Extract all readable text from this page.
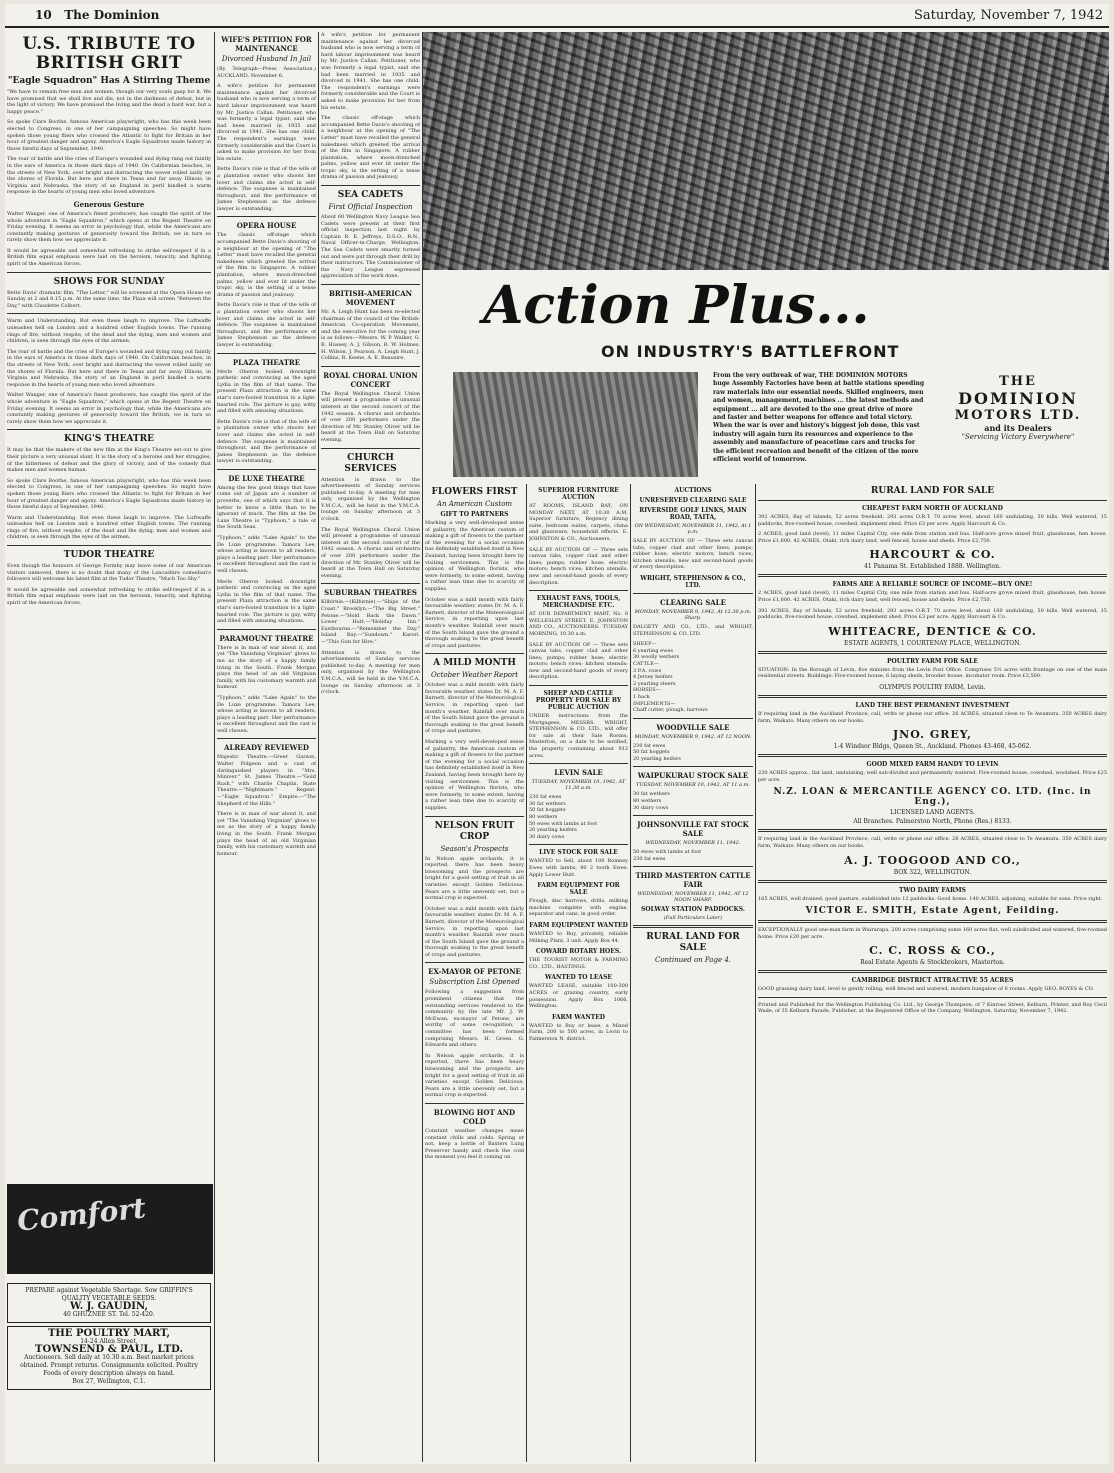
10 The Dominion	Saturday, November 7, 1942
U.S. TRIBUTE TO BRITISH GRIT
"Eagle Squadron" Has A Stirring Theme

"We have to remain free men and women, though our very souls gasp for it. We have promised that we shall live and die, not in the darkness of defeat, but in the light of victory. We have promised the living and the dead a hard war, but a happy peace."

So spoke Clare Boothe, famous American playwright, who has this week been elected to Congress, in one of her campaigning speeches. So might have spoken those young fliers who crossed the Atlantic to fight for Britain in her hour of greatest danger and agony. America's Eagle Squadrons made history in those fateful days of September, 1940.

The roar of battle and the cries of Europe's wounded and dying rang out faintly in the ears of America in those dark days of 1940. On Californian beaches, in the streets of New York, over bright and distracting the waves rolled lazily on the shores of Florida. But here and there in Texas and far away Illinois, in Virginia and Nebraska, the story of an England in peril kindled a warm response in the hearts of young men who loved adventure.

Generous Gesture

Walter Wanger, one of America's finest producers, has caught the spirit of the whole adventure in "Eagle Squadron," which opens at the Regent Theatre on Friday evening. It seems an error in psychology that, while the Americans are constantly making gestures of generosity toward the British, we in turn so rarely show them how we appreciate it.

It would be agreeable and somewhat refreshing to strike self-respect if in a British film equal emphasis were laid on the heroism, tenacity, and fighting spirit of the American forces.

SHOWS FOR SUNDAY

Bette Davis' dramatic film, "The Letter," will be screened at the Opera House on Sunday at 2 and 8.15 p.m. At the same time, the Plaza will screen "Between the Day," with Claudette Colbert.

Warm and Understanding. But even these laugh to improve. The Luftwaffe unleashes hell on London and a hundred other English towns. The running rings of fire, without respite, of the dead and the dying, men and women and children, is seen through the eyes of the airmen.

The roar of battle and the cries of Europe's wounded and dying rang out faintly in the ears of America in those dark days of 1940. On Californian beaches, in the streets of New York, over bright and distracting the waves rolled lazily on the shores of Florida. But here and there in Texas and far away Illinois, in Virginia and Nebraska, the story of an England in peril kindled a warm response in the hearts of young men who loved adventure.

Walter Wanger, one of America's finest producers, has caught the spirit of the whole adventure in "Eagle Squadron," which opens at the Regent Theatre on Friday evening. It seems an error in psychology that, while the Americans are constantly making gestures of generosity toward the British, we in turn so rarely show them how we appreciate it.

KING'S THEATRE

It may be that the makers of the new film at the King's Theatre set out to give their picture a very unusual slant. It is the story of a heroine and her struggles, of the bitterness of defeat and the glory of victory, and of the comedy that makes men and women human.

So spoke Clare Boothe, famous American playwright, who has this week been elected to Congress, in one of her campaigning speeches. So might have spoken those young fliers who crossed the Atlantic to fight for Britain in her hour of greatest danger and agony. America's Eagle Squadrons made history in those fateful days of September, 1940.

Warm and Understanding. But even these laugh to improve. The Luftwaffe unleashes hell on London and a hundred other English towns. The running rings of fire, without respite, of the dead and the dying, men and women and children, is seen through the eyes of the airmen.

TUDOR THEATRE

Even though the honours of George Formby may leave some of our American visitors unmoved, there is no doubt that many of the Lancashire comedian's followers will welcome his latest film at the Tudor Theatre, "Much Too Shy."

It would be agreeable and somewhat refreshing to strike self-respect if in a British film equal emphasis were laid on the heroism, tenacity, and fighting spirit of the American forces.

Comfort
PREPARE against Vegetable Shortage. Sow GRIFFIN'S QUALITY VEGETABLE SEEDS.
W. J. GAUDIN,
40 GHUZNEE ST. Tel. 52-420.
THE POULTRY MART,
14-24 Allen Street,
TOWNSEND & PAUL, LTD.
Auctioneers. Sell daily at 10.30 a.m. Best market prices obtained. Prompt returns. Consignments solicited. Poultry Foods of every description always on hand.
Box 27, Wellington, C.1.
WIFE'S PETITION FOR MAINTENANCE
Divorced Husband In Jail

(By Telegraph—Press Association.) AUCKLAND, November 6.

A wife's petition for permanent maintenance against her divorced husband who is now serving a term of hard labour imprisonment was heard by Mr. Justice Callan. Petitioner, who was formerly a legal typist, said she had been married in 1935 and divorced in 1941. She has one child. The respondent's earnings were formerly considerable and the Court is asked to make provision for her from his estate.

Bette Davis's role is that of the wife of a plantation owner who shoots her lover and claims she acted in self-defence. The suspense is maintained throughout, and the performance of James Stephenson as the defence lawyer is outstanding.

OPERA HOUSE

The classic off-stage which accompanied Bette Davis's shooting of a neighbour at the opening of "The Letter" must have recalled the general nakedness which greeted the arrival of the film in Singapore. A rubber plantation, where moon-drenched palms, yellow and ever lit under the tropic sky, is the setting of a tense drama of passion and jealousy.

Bette Davis's role is that of the wife of a plantation owner who shoots her lover and claims she acted in self-defence. The suspense is maintained throughout, and the performance of James Stephenson as the defence lawyer is outstanding.

PLAZA THEATRE

Merle Oberon looked downright pathetic and convincing as the aged Lydia in the film of that name. The present Plaza attraction is the same star's sure-footed transition to a light-hearted role. The picture is gay, witty and filled with amusing situations.

Bette Davis's role is that of the wife of a plantation owner who shoots her lover and claims she acted in self-defence. The suspense is maintained throughout, and the performance of James Stephenson as the defence lawyer is outstanding.

DE LUXE THEATRE

Among the few good things that have come out of Japan are a number of proverbs, one of which says that it is better to know a little than to be ignorant of much. The film at the De Luxe Theatre is "Typhoon," a tale of the South Seas.

"Typhoon," adds "Lake Again" to the De Luxe programme. Tamora Lee, whose acting is known to all readers, plays a leading part. Her performance is excellent throughout and the cast is well chosen.

Merle Oberon looked downright pathetic and convincing as the aged Lydia in the film of that name. The present Plaza attraction is the same star's sure-footed transition to a light-hearted role. The picture is gay, witty and filled with amusing situations.

PARAMOUNT THEATRE

There is in man of war about it, and yet "The Vanishing Virginian" glows to me as the story of a happy family living in the South. Frank Morgan plays the head of an old Virginian family, with his customary warmth and humour.

"Typhoon," adds "Lake Again" to the De Luxe programme. Tamora Lee, whose acting is known to all readers, plays a leading part. Her performance is excellent throughout and the cast is well chosen.

ALREADY REVIEWED

Majestic Theatre.—Greer Garson, Walter Pidgeon and a cast of distinguished players in "Mrs. Miniver." St. James Theatre.—"Gold Rush," with Charlie Chaplin. State Theatre.—"Nightmare." Regent.—"Eagle Squadron." Empire.—"The Shepherd of the Hills."

There is in man of war about it, and yet "The Vanishing Virginian" glows to me as the story of a happy family living in the South. Frank Morgan plays the head of an old Virginian family, with his customary warmth and humour.

A wife's petition for permanent maintenance against her divorced husband who is now serving a term of hard labour imprisonment was heard by Mr. Justice Callan. Petitioner, who was formerly a legal typist, said she had been married in 1935 and divorced in 1941. She has one child. The respondent's earnings were formerly considerable and the Court is asked to make provision for her from his estate.

The classic off-stage which accompanied Bette Davis's shooting of a neighbour at the opening of "The Letter" must have recalled the general nakedness which greeted the arrival of the film in Singapore. A rubber plantation, where moon-drenched palms, yellow and ever lit under the tropic sky, is the setting of a tense drama of passion and jealousy.

SEA CADETS
First Official Inspection

About 60 Wellington Navy League Sea Cadets were present at their first official inspection last night by Captain R. E. Jeffreys, D.S.O., R.N., Naval Officer-in-Charge, Wellington. The Sea Cadets were smartly turned out and were put through their drill by their instructors. The Commissioner of the Navy League expressed appreciation of the work done.

BRITISH-AMERICAN MOVEMENT

Mr. A. Leigh Hunt has been re-elected chairman of the council of the British-American Co-operation Movement, and the executive for the coming year is as follows:—Messrs. W. P. Walker, G. B. Hussey, A. J. Gibson, R. W. Holmes, H. Wilson, J. Pearson, A. Leigh Hunt, J. Collins, R. Keene, A. E. Beausire.

ROYAL CHORAL UNION CONCERT

The Royal Wellington Choral Union will present a programme of unusual interest at the second concert of the 1942 season. A chorus and orchestra of over 200 performers under the direction of Mr. Stanley Oliver will be heard at the Town Hall on Saturday evening.

CHURCH SERVICES

Attention is drawn to the advertisements of Sunday services published to-day. A meeting for men only, organised by the Wellington Y.M.C.A., will be held in the Y.M.C.A. lounge on Sunday afternoon at 3 o'clock.

The Royal Wellington Choral Union will present a programme of unusual interest at the second concert of the 1942 season. A chorus and orchestra of over 200 performers under the direction of Mr. Stanley Oliver will be heard at the Town Hall on Saturday evening.

SUBURBAN THEATRES

Kilbirnie.—(Kilbirnie).—"Ships of the Coast." Brooklyn.—"The Big Street." Petone.—"Hold Back the Dawn." Lower Hutt.—"Holiday Inn." Eastbourne.—"Remember the Day." Island Bay.—"Sundown." Karori.—"This Gun for Hire."

Attention is drawn to the advertisements of Sunday services published to-day. A meeting for men only, organised by the Wellington Y.M.C.A., will be held in the Y.M.C.A. lounge on Sunday afternoon at 3 o'clock.

Action Plus...
ON INDUSTRY'S BATTLEFRONT
From the very outbreak of war, THE DOMINION MOTORS huge Assembly Factories have been at battle stations speeding raw materials into our essential needs. Skilled engineers, men and women, management, machines ... the latest methods and equipment ... all are devoted to the one great drive of more and faster and better weapons for offence and total victory. When the war is over and history's biggest job done, this vast industry will again turn its resources and experience to the assembly and manufacture of peacetime cars and trucks for the efficient recreation and benefit of the citizen of the more efficient world of tomorrow.
THE
DOMINION
MOTORS LTD.
and its Dealers
"Servicing Victory Everywhere"
FLOWERS FIRST
An American Custom
GIFT TO PARTNERS

Marking a very well-developed sense of gallantry, the American custom of making a gift of flowers to the partner of the evening for a social occasion has definitely established itself in New Zealand, having been brought here by visiting servicemen. This is the opinion of Wellington florists, who were formerly, to some extent, having a rather lean time due to scarcity of supplies.

October was a mild month with fairly favourable weather, states Dr. M. A. F. Barnett, director of the Meteorological Service, in reporting upon last month's weather. Rainfall over much of the South Island gave the ground a thorough soaking to the great benefit of crops and pastures.

A MILD MONTH
October Weather Report

October was a mild month with fairly favourable weather, states Dr. M. A. F. Barnett, director of the Meteorological Service, in reporting upon last month's weather. Rainfall over much of the South Island gave the ground a thorough soaking to the great benefit of crops and pastures.

Marking a very well-developed sense of gallantry, the American custom of making a gift of flowers to the partner of the evening for a social occasion has definitely established itself in New Zealand, having been brought here by visiting servicemen. This is the opinion of Wellington florists, who were formerly, to some extent, having a rather lean time due to scarcity of supplies.

NELSON FRUIT CROP
Season's Prospects

In Nelson apple orchards, it is reported, there has been heavy blossoming and the prospects are bright for a good setting of fruit in all varieties except Golden Delicious. Pears are a little unevenly set, but a normal crop is expected.

October was a mild month with fairly favourable weather, states Dr. M. A. F. Barnett, director of the Meteorological Service, in reporting upon last month's weather. Rainfall over much of the South Island gave the ground a thorough soaking to the great benefit of crops and pastures.

EX-MAYOR OF PETONE
Subscription List Opened

Following a suggestion from prominent citizens that the outstanding services rendered to the community by the late Mr. J. W. McEwan, ex-mayor of Petone, are worthy of some recognition, a committee has been formed comprising Messrs. H. Green, G. Edwards and others.

In Nelson apple orchards, it is reported, there has been heavy blossoming and the prospects are bright for a good setting of fruit in all varieties except Golden Delicious. Pears are a little unevenly set, but a normal crop is expected.

BLOWING HOT AND COLD

Constant weather changes mean constant chills and colds. Spring or not, keep a bottle of Baxters Lung Preserver handy and check the cold the moment you feel it coming on.

SUPERIOR FURNITURE AUCTION

AT ROOMS, ISLAND BAY, ON MONDAY NEXT, AT 10.30 A.M. Superior furniture, Regency dining suite, bedroom suites, carpets, china and glassware, household effects. E. JOHNSTON & CO., Auctioneers.

SALE BY AUCTION OF — Three sets canvas tabs, copper clad and other lines; pumps; rubber hose; electric motors; bench vices; kitchen utensils; new and second-hand goods of every description.

EXHAUST FANS, TOOLS, MERCHANDISE ETC.

AT OUR DEPARTMENT MART, No. 8 WELLESLEY STREET. E. JOHNSTON AND CO., AUCTIONEERS. TUESDAY MORNING, 10.30 a.m.

SALE BY AUCTION OF — Three sets canvas tabs, copper clad and other lines; pumps; rubber hose; electric motors; bench vices; kitchen utensils; new and second-hand goods of every description.

SHEEP AND CATTLE PROPERTY FOR SALE BY PUBLIC AUCTION

UNDER instructions from the Mortgagees, MESSRS. WRIGHT, STEPHENSON & CO. LTD., will offer for sale at their Sale Rooms, Masterton, on a date to be notified, the property containing about 912 acres.

LEVIN SALE
TUESDAY, NOVEMBER 10, 1942, AT 11.30 a.m.
230 fat ewes
30 fat wethers
50 fat hoggets
80 wethers
50 ewes with lambs at foot
20 yearling heifers
30 dairy cows
LIVE STOCK FOR SALE

WANTED to Sell, about 100 Romney Ewes with lambs, 80 2 tooth Ewes. Apply Lower Hutt.

FARM EQUIPMENT FOR SALE

Plough, disc harrows, drills, milking machine complete with engine, separator and cans, in good order.

FARM EQUIPMENT WANTED

WANTED to Buy, privately, reliable Milking Plant, 3 unit. Apply Box 44.

COWARD ROTARY HOES.

THE TOURIST MOTOR & FARMING CO., LTD., HASTINGS.

WANTED TO LEASE

WANTED LEASE, suitable 100-300 ACRES or grazing country, early possession. Apply Box 1066, Wellington.

FARM WANTED

WANTED to Buy or lease, a Mixed Farm, 200 to 500 acres, in Levin to Palmerston N. district.

AUCTIONS
UNRESERVED CLEARING SALE
RIVERSIDE GOLF LINKS, MAIN ROAD, TAITA,
ON WEDNESDAY, NOVEMBER 11, 1942, At 1 p.m.

SALE BY AUCTION OF — Three sets canvas tabs, copper clad and other lines; pumps; rubber hose; electric motors; bench vices; kitchen utensils; new and second-hand goods of every description.

WRIGHT, STEPHENSON & CO., LTD.
CLEARING SALE
MONDAY, NOVEMBER 9, 1942, At 12.30 p.m. Sharp.

DALGETY AND CO., LTD., and WRIGHT, STEPHENSON & CO. LTD.

SHEEP—
6 yearling ewes
30 woolly wethers
CATTLE—
3 P.A. cows
4 Jersey heifers
2 yearling steers
HORSES—
1 hack
IMPLEMENTS—
Chaff cutter, plough, harrows
WOODVILLE SALE
MONDAY, NOVEMBER 9, 1942, AT 12 NOON.
230 fat ewes
50 fat hoggets
20 yearling heifers
WAIPUKURAU STOCK SALE
TUESDAY, NOVEMBER 10, 1942, AT 11 a.m.
30 fat wethers
80 wethers
30 dairy cows
JOHNSONVILLE FAT STOCK SALE
WEDNESDAY, NOVEMBER 11, 1942.
50 ewes with lambs at foot
230 fat ewes
THIRD MASTERTON CATTLE FAIR
WEDNESDAY, NOVEMBER 11, 1942, AT 12 NOON SHARP.
SOLWAY STATION PADDOCKS.
(Full Particulars Later)
RURAL LAND FOR SALE
Continued on Page 4.
RURAL LAND FOR SALE
CHEAPEST FARM NORTH OF AUCKLAND

392 ACRES, Bay of Islands, 52 acres freehold, 293 acres O.R.T. 70 acres level, about 160 undulating, 50 hills. Well watered, 15 paddocks, five-roomed house, cowshed, implement shed. Price £3 per acre. Apply Harcourt & Co.

2 ACRES, good land (level), 11 miles Capital City, one mile from station and bus. Half-acre grove mixed fruit, glasshouse, hen house. Price £1,600. 42 ACRES, Otaki, rich dairy land, well fenced, house and sheds. Price £2,750.

HARCOURT & CO.
41 Panama St. Established 1888. Wellington.
FARMS ARE A RELIABLE SOURCE OF INCOME—BUY ONE!

2 ACRES, good land (level), 11 miles Capital City, one mile from station and bus. Half-acre grove mixed fruit, glasshouse, hen house. Price £1,600. 42 ACRES, Otaki, rich dairy land, well fenced, house and sheds. Price £2,750.

392 ACRES, Bay of Islands, 52 acres freehold, 293 acres O.R.T. 70 acres level, about 160 undulating, 50 hills. Well watered, 15 paddocks, five-roomed house, cowshed, implement shed. Price £3 per acre. Apply Harcourt & Co.

WHITEACRE, DENTICE & CO.
ESTATE AGENTS, 1 COURTENAY PLACE, WELLINGTON.
POULTRY FARM FOR SALE

SITUATION: In the Borough of Levin, five minutes from the Levin Post Office. Comprises 5½ acres with frontage on one of the main residential streets. Buildings: Five-roomed house, 6 laying sheds, brooder house, incubator room. Price £3,500.

OLYMPUS POULTRY FARM, Levin.
LAND THE BEST PERMANENT INVESTMENT

If requiring land in the Auckland Province, call, write or phone our office. 26 ACRES, situated close to Te Awamutu. 350 ACRES dairy farm, Waikato. Many others on our books.

JNO. GREY,
1-4 Windsor Bldgs, Queen St., Auckland. Phones 43-468, 45-062.
GOOD MIXED FARM HANDY TO LEVIN

230 ACRES approx., flat land, undulating, well sub-divided and permanently watered. Five-roomed house, cowshed, woolshed. Price £25 per acre.

N.Z. LOAN & MERCANTILE AGENCY CO. LTD. (Inc. in Eng.),
LICENSED LAND AGENTS.
All Branches. Palmerston North, Phone (Res.) 8133.

If requiring land in the Auckland Province, call, write or phone our office. 26 ACRES, situated close to Te Awamutu. 350 ACRES dairy farm, Waikato. Many others on our books.

A. J. TOOGOOD AND CO.,
BOX 322, WELLINGTON.
TWO DAIRY FARMS

165 ACRES, well drained, good pasture, subdivided into 12 paddocks. Good home. 140 ACRES, adjoining, suitable for sons. Price right.

VICTOR E. SMITH, Estate Agent, Feilding.

EXCEPTIONALLY good one-man farm in Wairarapa, 200 acres comprising some 160 acres flat, well subdivided and watered, five-roomed home. Price £20 per acre.

C. C. ROSS & CO.,
Real Estate Agents & Stockbrokers, Masterton.
CAMBRIDGE DISTRICT ATTRACTIVE 55 ACRES

GOOD grassing dairy land, level to gently rolling, well fenced and watered, modern bungalow of 6 rooms. Apply GEO. BOYES & CO.

Printed and Published for the Wellington Publishing Co. Ltd., by George Thompson, of 7 Kinross Street, Kelburn, Printer, and Roy Cecil Wade, of 35 Kelburn Parade, Publisher, at the Registered Office of the Company, Wellington, Saturday, November 7, 1942.
